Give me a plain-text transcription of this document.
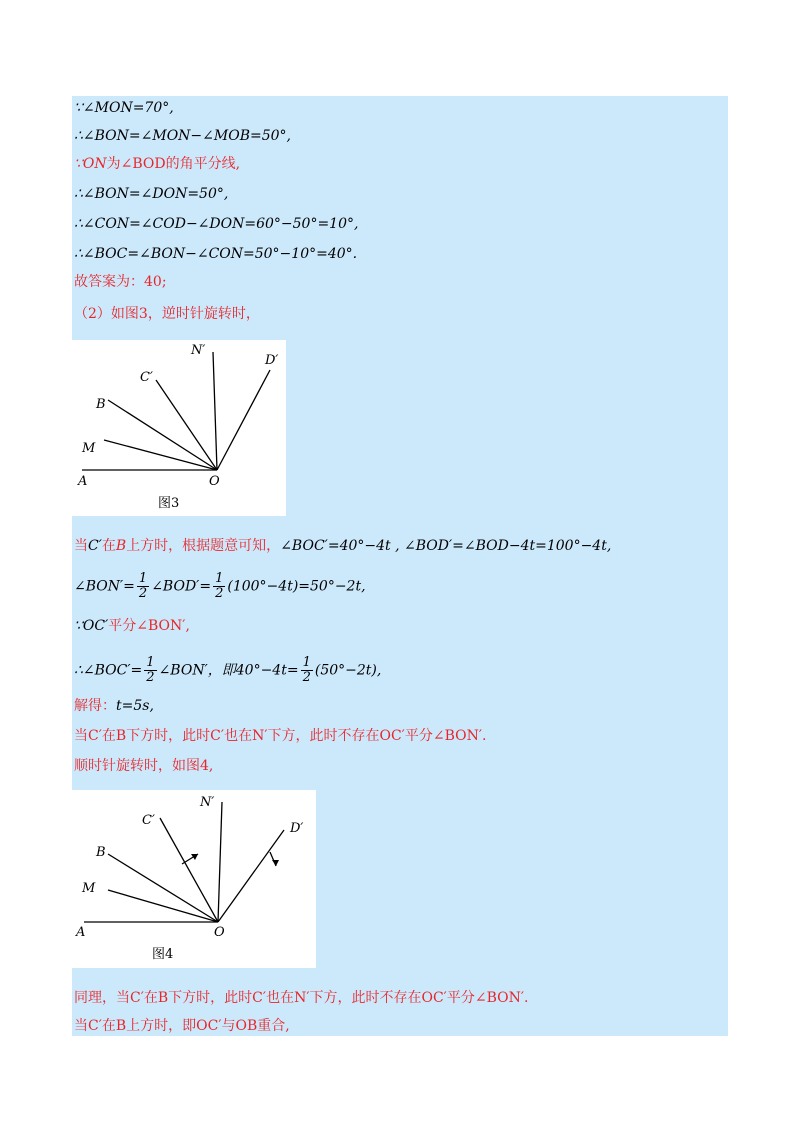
∵∠MON=70°,
∴∠BON=∠MON−∠MOB=50°,
∵ON为∠BOD的角平分线,
∴∠BON=∠DON=50°,
∴∠CON=∠COD−∠DON=60°−50°=10°,
∴∠BOC=∠BON−∠CON=50°−10°=40°.
故答案为：40;
（2）如图3，逆时针旋转时，
N′
D′
C′
B
M
A	O
图3
当C′在B上方时，根据题意可知，∠BOC′=40°−4t , ∠BOD′=∠BOD−4t=100°−4t,
∠BON′= $\frac{1}{2}$ ∠BOD′= $\frac{1}{2} (100^\circ-4t)=50^\circ-2t$,
∵OC′平分∠BON′,
∴∠BOC′= $\frac{1}{2}$ ∠BON′，即$40^\circ-4t= \frac{1}{2} (50^\circ-2t)$,
解得：t=5s,
当C′在B下方时，此时C′也在N′下方，此时不存在OC′平分∠BON′.
顺时针旋转时，如图4,
N′
D′
C′
B
M
A	O
图4
同理，当C′在B下方时，此时C′也在N′下方，此时不存在OC′平分∠BON′.
当C′在B上方时，即OC′与OB重合,
